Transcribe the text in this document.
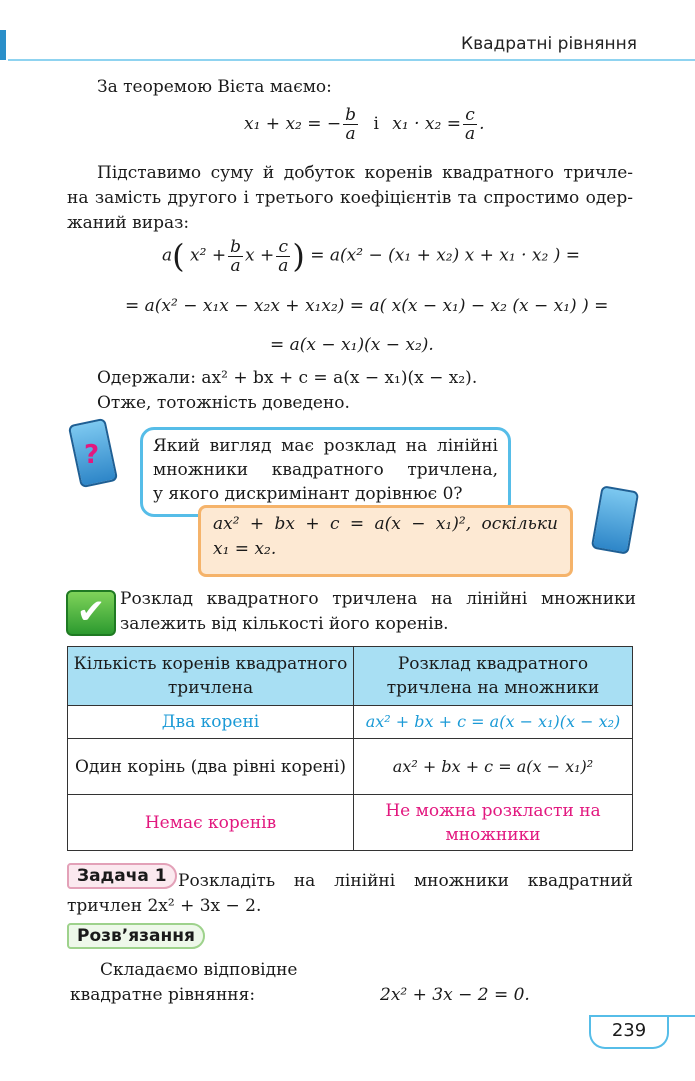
Квадратні рівняння
За теоремою Вієта маємо:
x₁ + x₂ = − $\frac{b}{a}$ і $x_1 \cdot x_2 = \frac{c}{a}$ .
Підставимо суму й добуток коренів квадратного тричле-
на замість другого і третього коефіцієнтів та спростимо одер-
жаний вираз:
a( $x^2 + \frac{b}{a}$ $x + \frac{c}{a}$ ) = a(x² − (x₁ + x₂) x + x₁ · x₂ ) =
= a(x² − x₁x − x₂x + x₁x₂) = a( x(x − x₁) − x₂ (x − x₁) ) =
= a(x − x₁)(x − x₂).
Одержали: ax² + bx + c = a(x − x₁)(x − x₂).
Отже, тотожність доведено.
?	Який вигляд має розклад на лінійні
множники квадратного тричлена,
у якого дискримінант дорівнює 0?
ax² + bx + c = a(x − x₁)², оскільки
x₁ = x₂.
✔ Розклад квадратного тричлена на лінійні множники
залежить від кількості його коренів.
Кількість коренів квадратного тричлена	Розклад квадратного тричлена на множники
Два корені	ax² + bx + c = a(x − x₁)(x − x₂)
Один корінь (два рівні корені)	ax² + bx + c = a(x − x₁)²
Немає коренів	Не можна розкласти на множники
Задача 1 Розкладіть на лінійні множники квадратний
тричлен 2x² + 3x − 2.
Розв’язання
Складаємо відповідне
квадратне рівняння:	2x² + 3x − 2 = 0.
239
